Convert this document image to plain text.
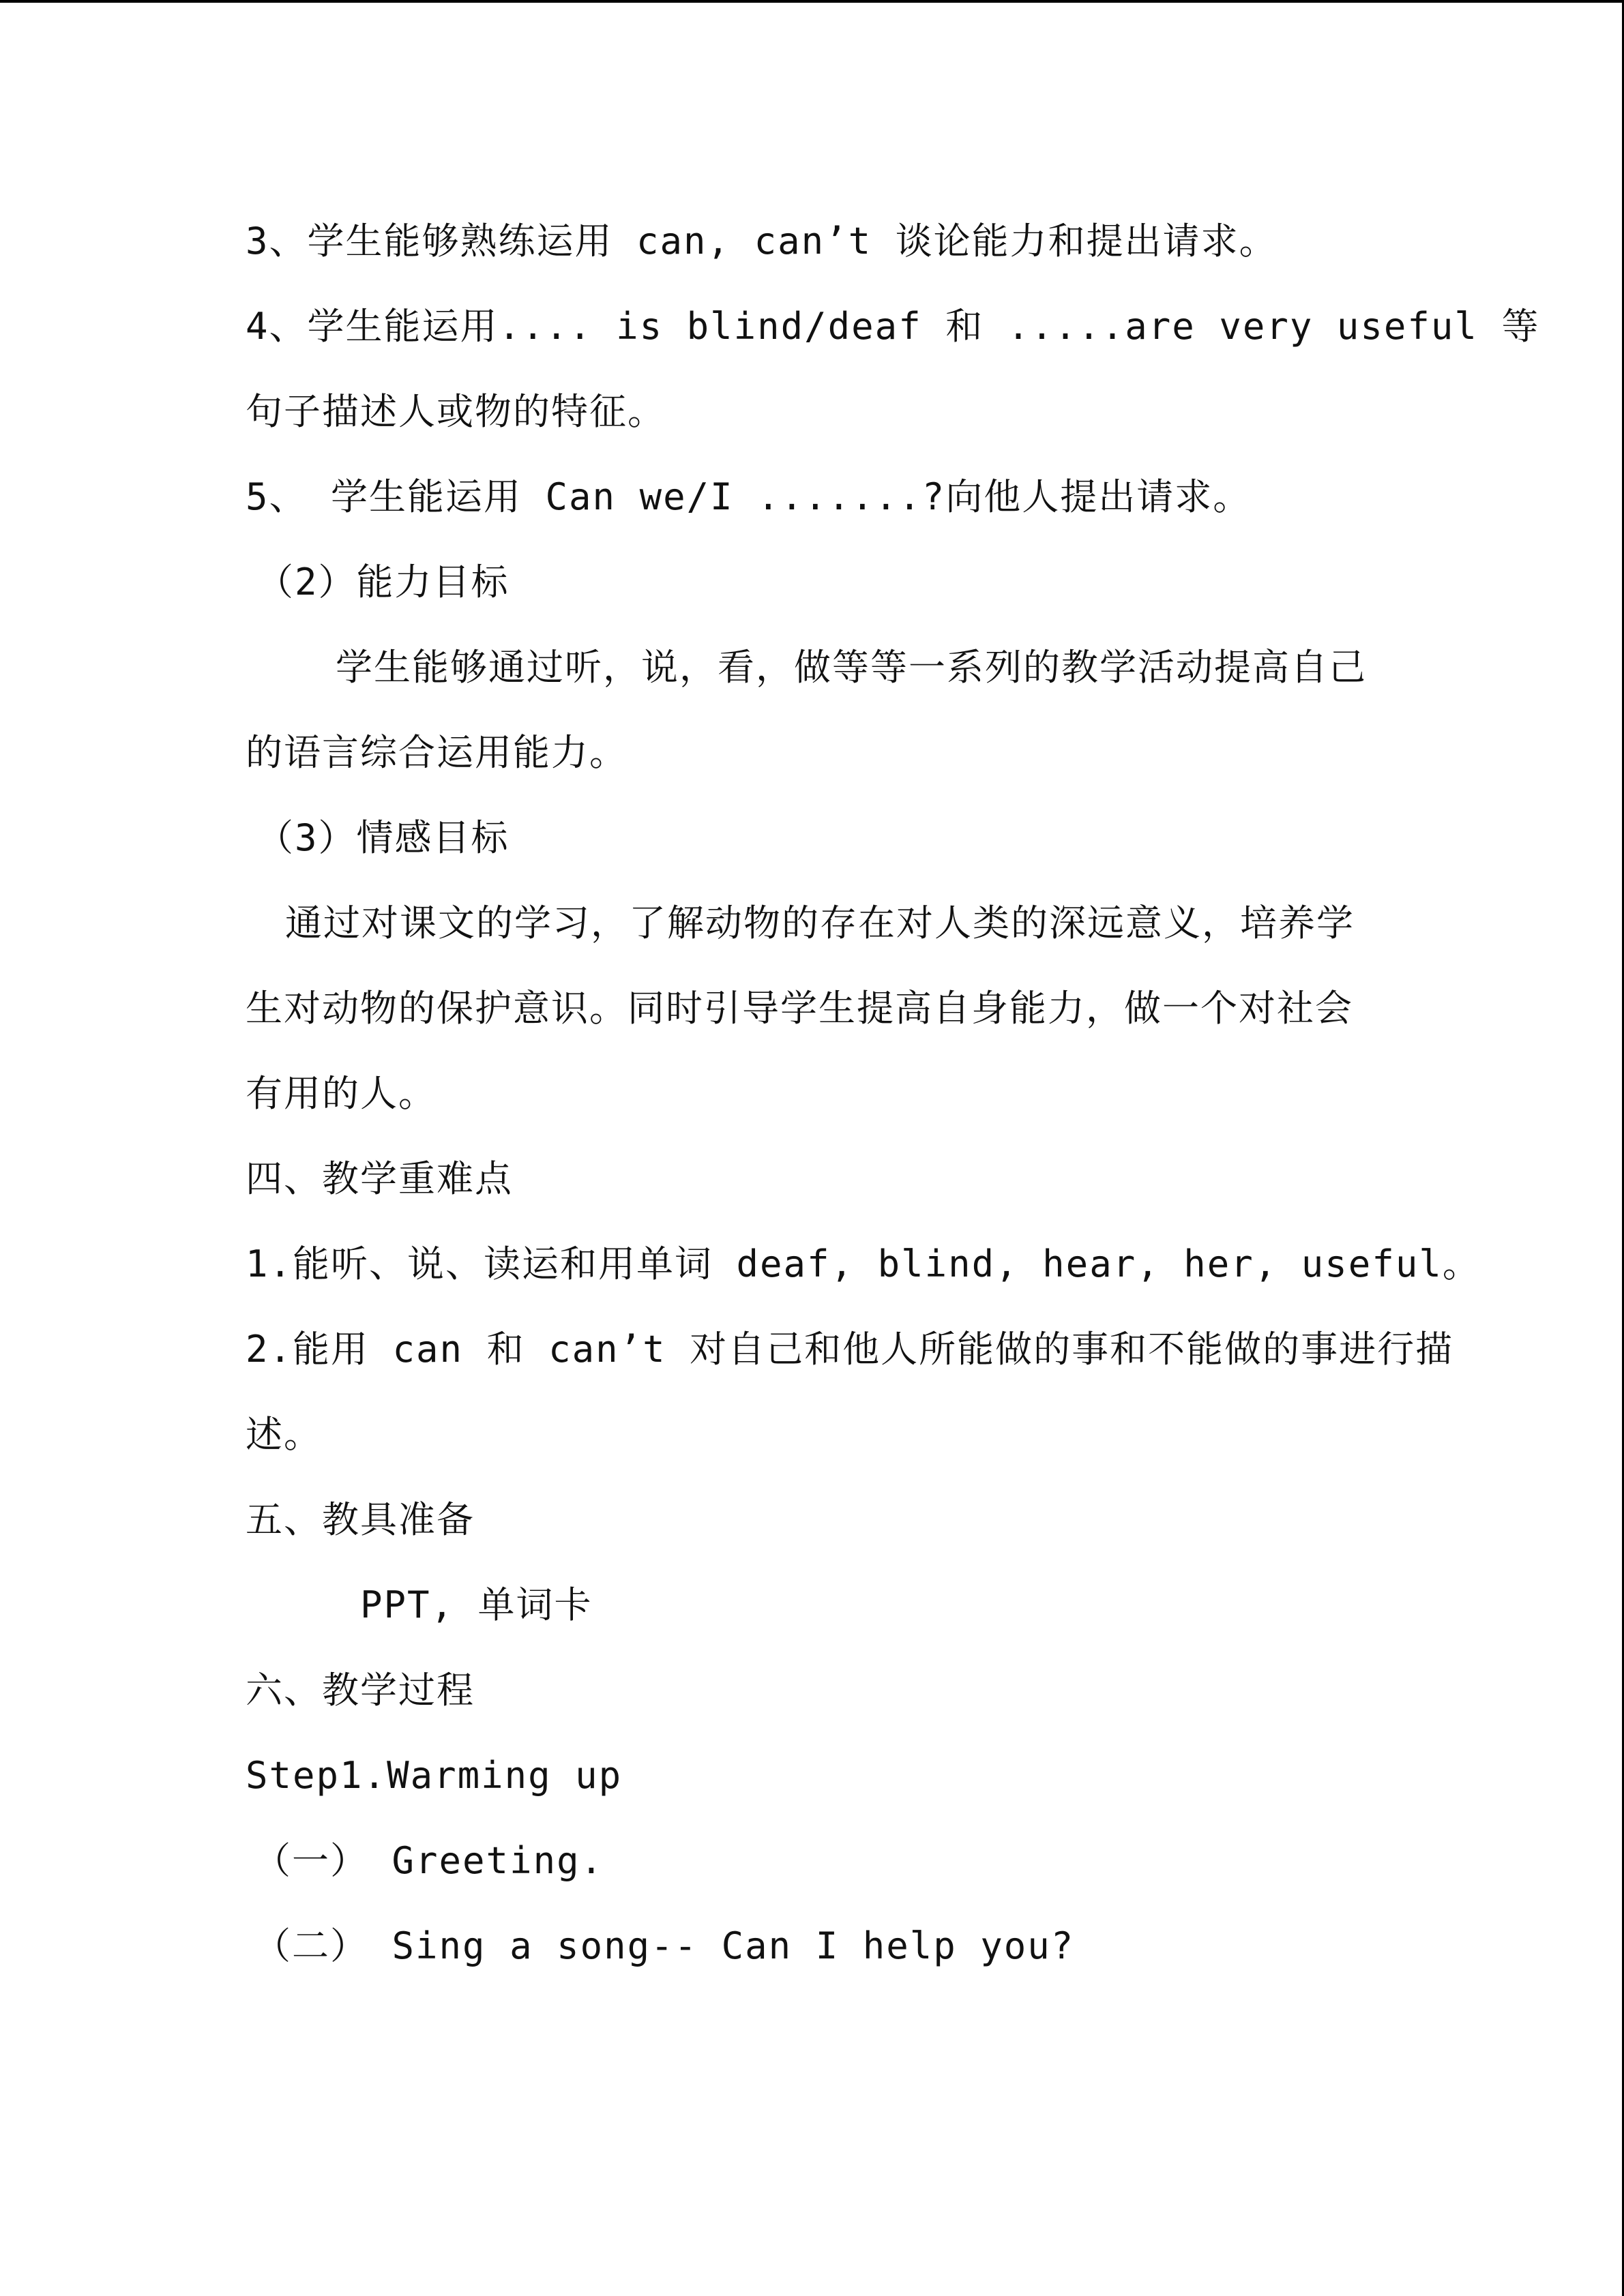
3、学生能够熟练运用 can, can’t 谈论能力和提出请求。
4、学生能运用.... is blind/deaf 和 .....are very useful 等
句子描述人或物的特征。
5、 学生能运用 Can we/I .......?向他人提出请求。
（2）能力目标
学生能够通过听，说，看，做等等一系列的教学活动提高自己
的语言综合运用能力。
（3）情感目标
通过对课文的学习，了解动物的存在对人类的深远意义，培养学
生对动物的保护意识。同时引导学生提高自身能力，做一个对社会
有用的人。
四、教学重难点
1.能听、说、读运和用单词 deaf, blind, hear, her, useful。
2.能用 can 和 can’t 对自己和他人所能做的事和不能做的事进行描
述。
五、教具准备
PPT, 单词卡
六、教学过程
Step1.Warming up
（一） Greeting.
（二） Sing a song-- Can I help you?
